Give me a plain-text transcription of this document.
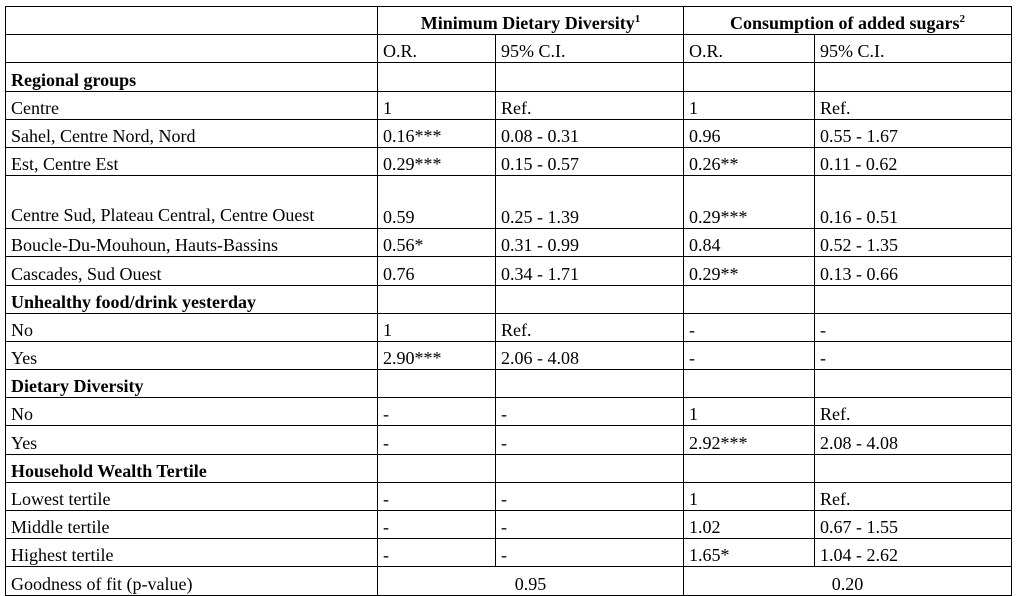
	Minimum Dietary Diversity$^1$		Consumption of added sugars$^2$
	O.R.	95% C.I.	O.R.	95% C.I.
Regional groups				
Centre	1	Ref.	1	Ref.
Sahel, Centre Nord, Nord	0.16***	0.08 - 0.31	0.96	0.55 - 1.67
Est, Centre Est	0.29***	0.15 - 0.57	0.26**	0.11 - 0.62
Centre Sud, Plateau Central, Centre Ouest	0.59	0.25 - 1.39	0.29***	0.16 - 0.51
Boucle-Du-Mouhoun, Hauts-Bassins	0.56*	0.31 - 0.99	0.84	0.52 - 1.35
Cascades, Sud Ouest	0.76	0.34 - 1.71	0.29**	0.13 - 0.66
Unhealthy food/drink yesterday				
No	1	Ref.	-	-
Yes	2.90***	2.06 - 4.08	-	-
Dietary Diversity				
No	-	-	1	Ref.
Yes	-	-	2.92***	2.08 - 4.08
Household Wealth Tertile				
Lowest tertile	-	-	1	Ref.
Middle tertile	-	-	1.02	0.67 - 1.55
Highest tertile	-	-	1.65*	1.04 - 2.62
Goodness of fit (p-value)	0.95		0.20	
